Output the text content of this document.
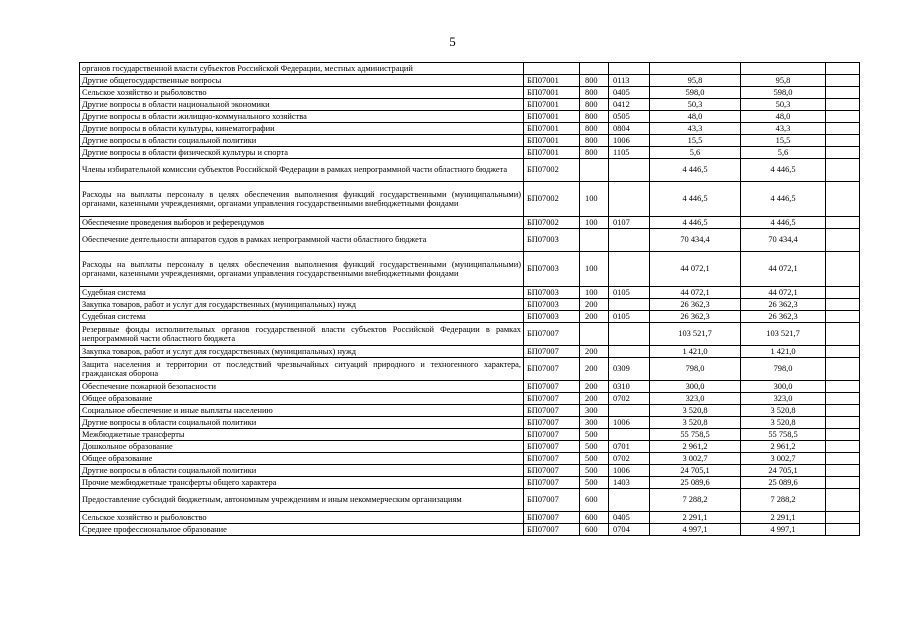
5
органов государственной власти субъектов Российской Федерации, местных администраций						
Другие общегосударственные вопросы	БП07001	800	0113	95,8	95,8	
Сельское хозяйство и рыболовство	БП07001	800	0405	598,0	598,0	
Другие вопросы в области национальной экономики	БП07001	800	0412	50,3	50,3	
Другие вопросы в области жилищно-коммунального хозяйства	БП07001	800	0505	48,0	48,0	
Другие вопросы в области культуры, кинематографии	БП07001	800	0804	43,3	43,3	
Другие вопросы в области социальной политики	БП07001	800	1006	15,5	15,5	
Другие вопросы в области физической культуры и спорта	БП07001	800	1105	5,6	5,6	
Члены избирательной комиссии субъектов Российской Федерации в рамках непрограммной части областного бюджета	БП07002			4 446,5	4 446,5	
Расходы на выплаты персоналу в целях обеспечения выполнения функций государственными (муниципальными) органами, казенными учреждениями, органами управления государственными внебюджетными фондами	БП07002	100		4 446,5	4 446,5	
Обеспечение проведения выборов и референдумов	БП07002	100	0107	4 446,5	4 446,5	
Обеспечение деятельности аппаратов судов в рамках непрограммной части областного бюджета	БП07003			70 434,4	70 434,4	
Расходы на выплаты персоналу в целях обеспечения выполнения функций государственными (муниципальными) органами, казенными учреждениями, органами управления государственными внебюджетными фондами	БП07003	100		44 072,1	44 072,1	
Судебная система	БП07003	100	0105	44 072,1	44 072,1	
Закупка товаров, работ и услуг для государственных (муниципальных) нужд	БП07003	200		26 362,3	26 362,3	
Судебная система	БП07003	200	0105	26 362,3	26 362,3	
Резервные фонды исполнительных органов государственной власти субъектов Российской Федерации в рамках непрограммной части областного бюджета	БП07007			103 521,7	103 521,7	
Закупка товаров, работ и услуг для государственных (муниципальных) нужд	БП07007	200		1 421,0	1 421,0	
Защита населения и территории от последствий чрезвычайных ситуаций природного и техногенного характера, гражданская оборона	БП07007	200	0309	798,0	798,0	
Обеспечение пожарной безопасности	БП07007	200	0310	300,0	300,0	
Общее образование	БП07007	200	0702	323,0	323,0	
Социальное обеспечение и иные выплаты населению	БП07007	300		3 520,8	3 520,8	
Другие вопросы в области социальной политики	БП07007	300	1006	3 520,8	3 520,8	
Межбюджетные трансферты	БП07007	500		55 758,5	55 758,5	
Дошкольное образование	БП07007	500	0701	2 961,2	2 961,2	
Общее образование	БП07007	500	0702	3 002,7	3 002,7	
Другие вопросы в области социальной политики	БП07007	500	1006	24 705,1	24 705,1	
Прочие межбюджетные трансферты общего характера	БП07007	500	1403	25 089,6	25 089,6	
Предоставление субсидий бюджетным, автономным учреждениям и иным некоммерческим организациям	БП07007	600		7 288,2	7 288,2	
Сельское хозяйство и рыболовство	БП07007	600	0405	2 291,1	2 291,1	
Среднее профессиональное образование	БП07007	600	0704	4 997,1	4 997,1	
